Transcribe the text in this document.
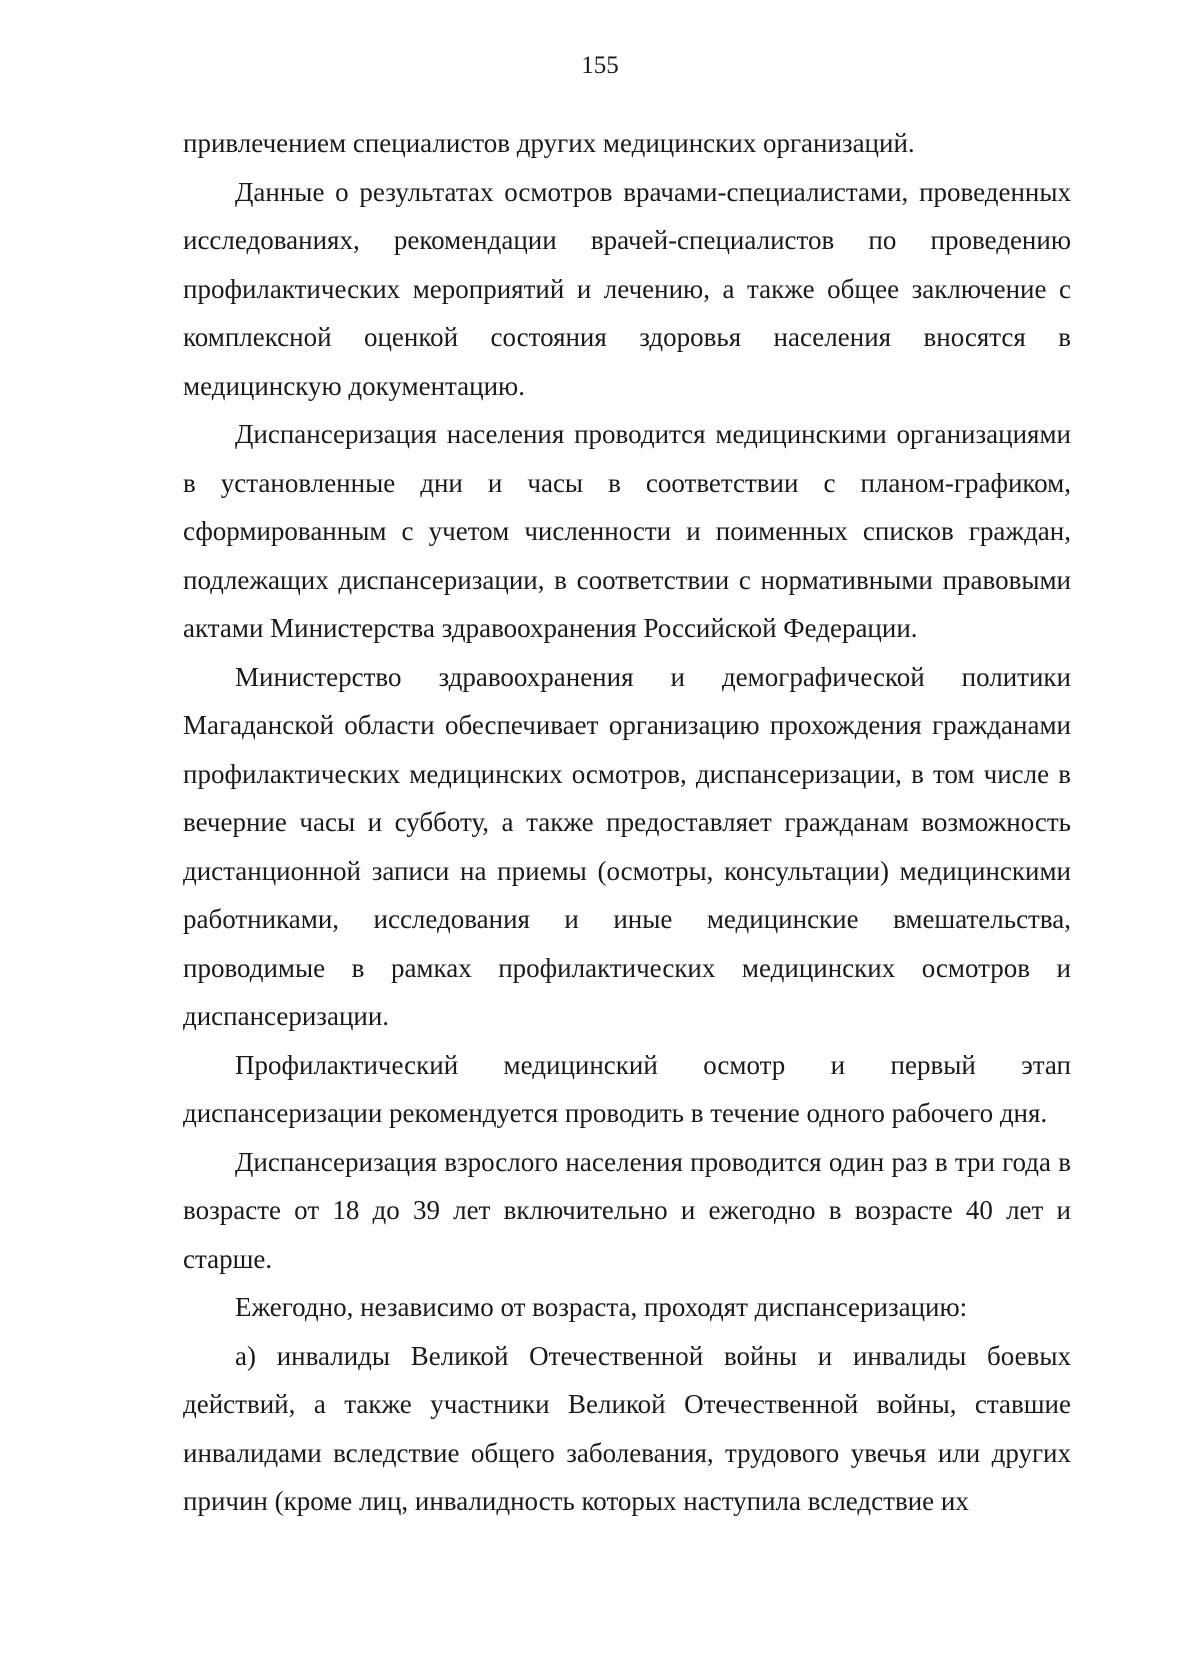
155

привлечением специалистов других медицинских организаций.

Данные о результатах осмотров врачами-специалистами, проведенных исследованиях, рекомендации врачей-специалистов по проведению профилактических мероприятий и лечению, а также общее заключение с комплексной оценкой состояния здоровья населения вносятся в медицинскую документацию.

Диспансеризация населения проводится медицинскими организациями в установленные дни и часы в соответствии с планом-графиком, сформированным с учетом численности и поименных списков граждан, подлежащих диспансеризации, в соответствии с нормативными правовыми актами Министерства здравоохранения Российской Федерации.

Министерство здравоохранения и демографической политики Магаданской области обеспечивает организацию прохождения гражданами профилактических медицинских осмотров, диспансеризации, в том числе в вечерние часы и субботу, а также предоставляет гражданам возможность дистанционной записи на приемы (осмотры, консультации) медицинскими работниками, исследования и иные медицинские вмешательства, проводимые в рамках профилактических медицинских осмотров и диспансеризации.

Профилактический медицинский осмотр и первый этап диспансеризации рекомендуется проводить в течение одного рабочего дня.

Диспансеризация взрослого населения проводится один раз в три года в возрасте от 18 до 39 лет включительно и ежегодно в возрасте 40 лет и старше.

Ежегодно, независимо от возраста, проходят диспансеризацию:

а) инвалиды Великой Отечественной войны и инвалиды боевых действий, а также участники Великой Отечественной войны, ставшие инвалидами вследствие общего заболевания, трудового увечья или других причин (кроме лиц, инвалидность которых наступила вследствие их
